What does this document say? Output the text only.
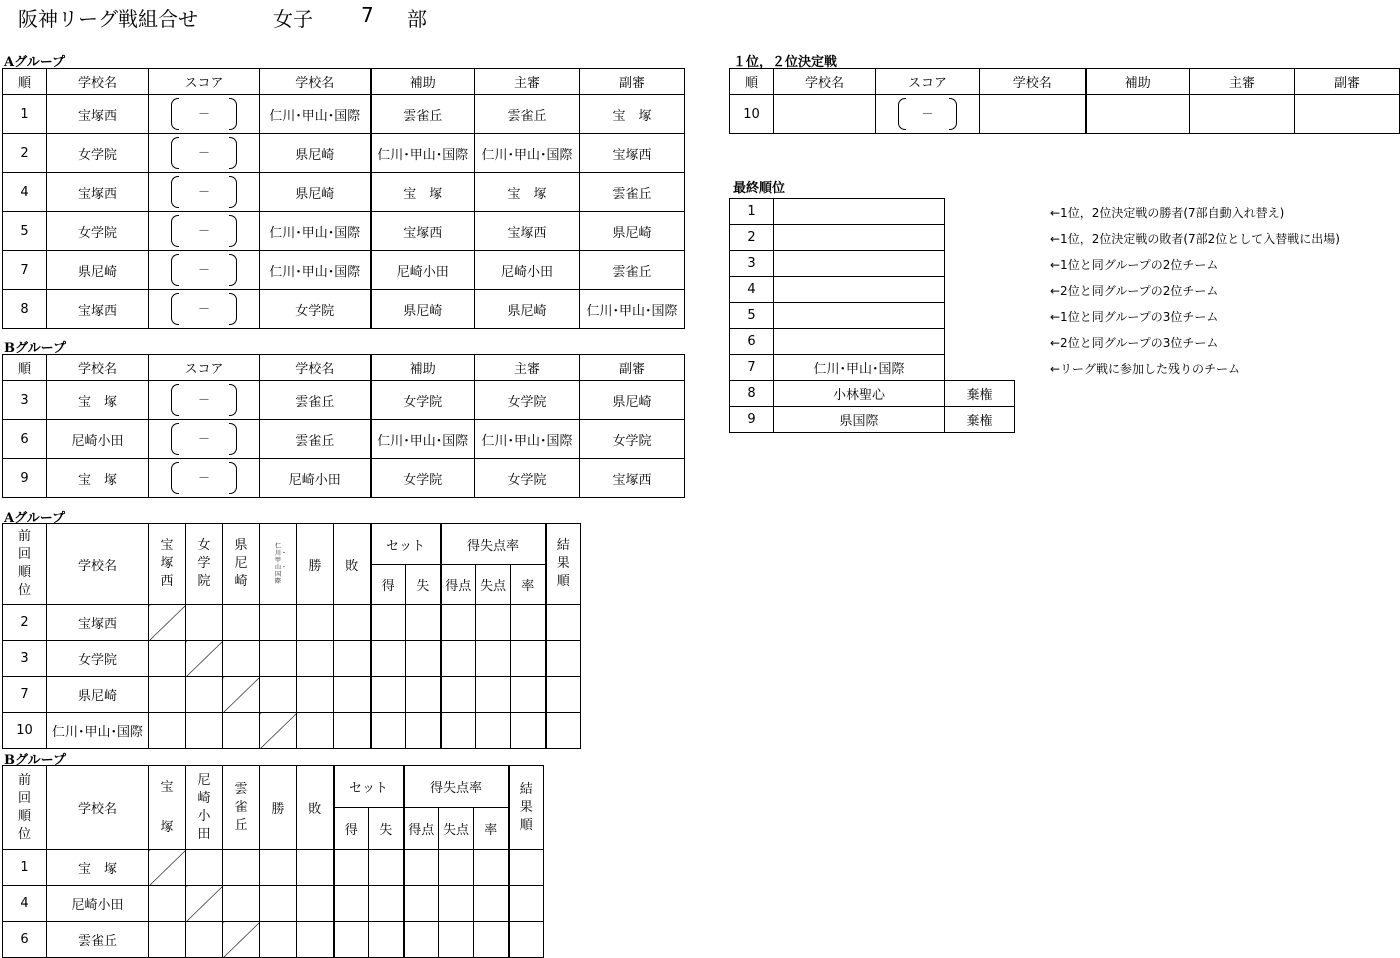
阪神リーグ戦組合せ	女子 7 部
Aグループ
順	学校名	スコア	学校名	補助	主審	副審
1	宝塚西	－	仁川･甲山･国際	雲雀丘	雲雀丘	宝　塚
2	女学院	－	県尼崎	仁川･甲山･国際	仁川･甲山･国際	宝塚西
4	宝塚西	－	県尼崎	宝　塚	宝　塚	雲雀丘
5	女学院	－	仁川･甲山･国際	宝塚西	宝塚西	県尼崎
7	県尼崎	－	仁川･甲山･国際	尼崎小田	尼崎小田	雲雀丘
8	宝塚西	－	女学院	県尼崎	県尼崎	仁川･甲山･国際
Bグループ
順	学校名	スコア	学校名	補助	主審	副審
3	宝　塚	－	雲雀丘	女学院	女学院	県尼崎
6	尼崎小田	－	雲雀丘	仁川･甲山･国際	仁川･甲山･国際	女学院
9	宝　塚	－	尼崎小田	女学院	女学院	宝塚西
１位，２位決定戦
順	学校名	スコア	学校名	補助	主審	副審
10		－				

最終順位
1		
2		
3		
4		
5		
6		
7	仁川･甲山･国際	
8	小林聖心	棄権
9	県国際	棄権
←1位，2位決定戦の勝者(7部自動入れ替え)
←1位，2位決定戦の敗者(7部2位として入替戦に出場)
←1位と同グループの2位チーム
←2位と同グループの2位チーム
←1位と同グループの3位チーム
←2位と同グループの3位チーム
←リーグ戦に参加した残りのチーム
Aグループ
前回順位	学校名	宝塚西	女学院	県尼崎	仁川・甲山・国際	勝	敗	セット		得失点率			結果順

								得	失	得点	失点	率	
2	宝塚西												
3	女学院												
7	県尼崎												
10	仁川･甲山･国際												
Bグループ
前回順位	学校名	宝塚	尼崎小田	雲雀丘	勝	敗	セット		得失点率			結果順

							得	失	得点	失点	率	
1	宝　塚											
4	尼崎小田											
6	雲雀丘											
